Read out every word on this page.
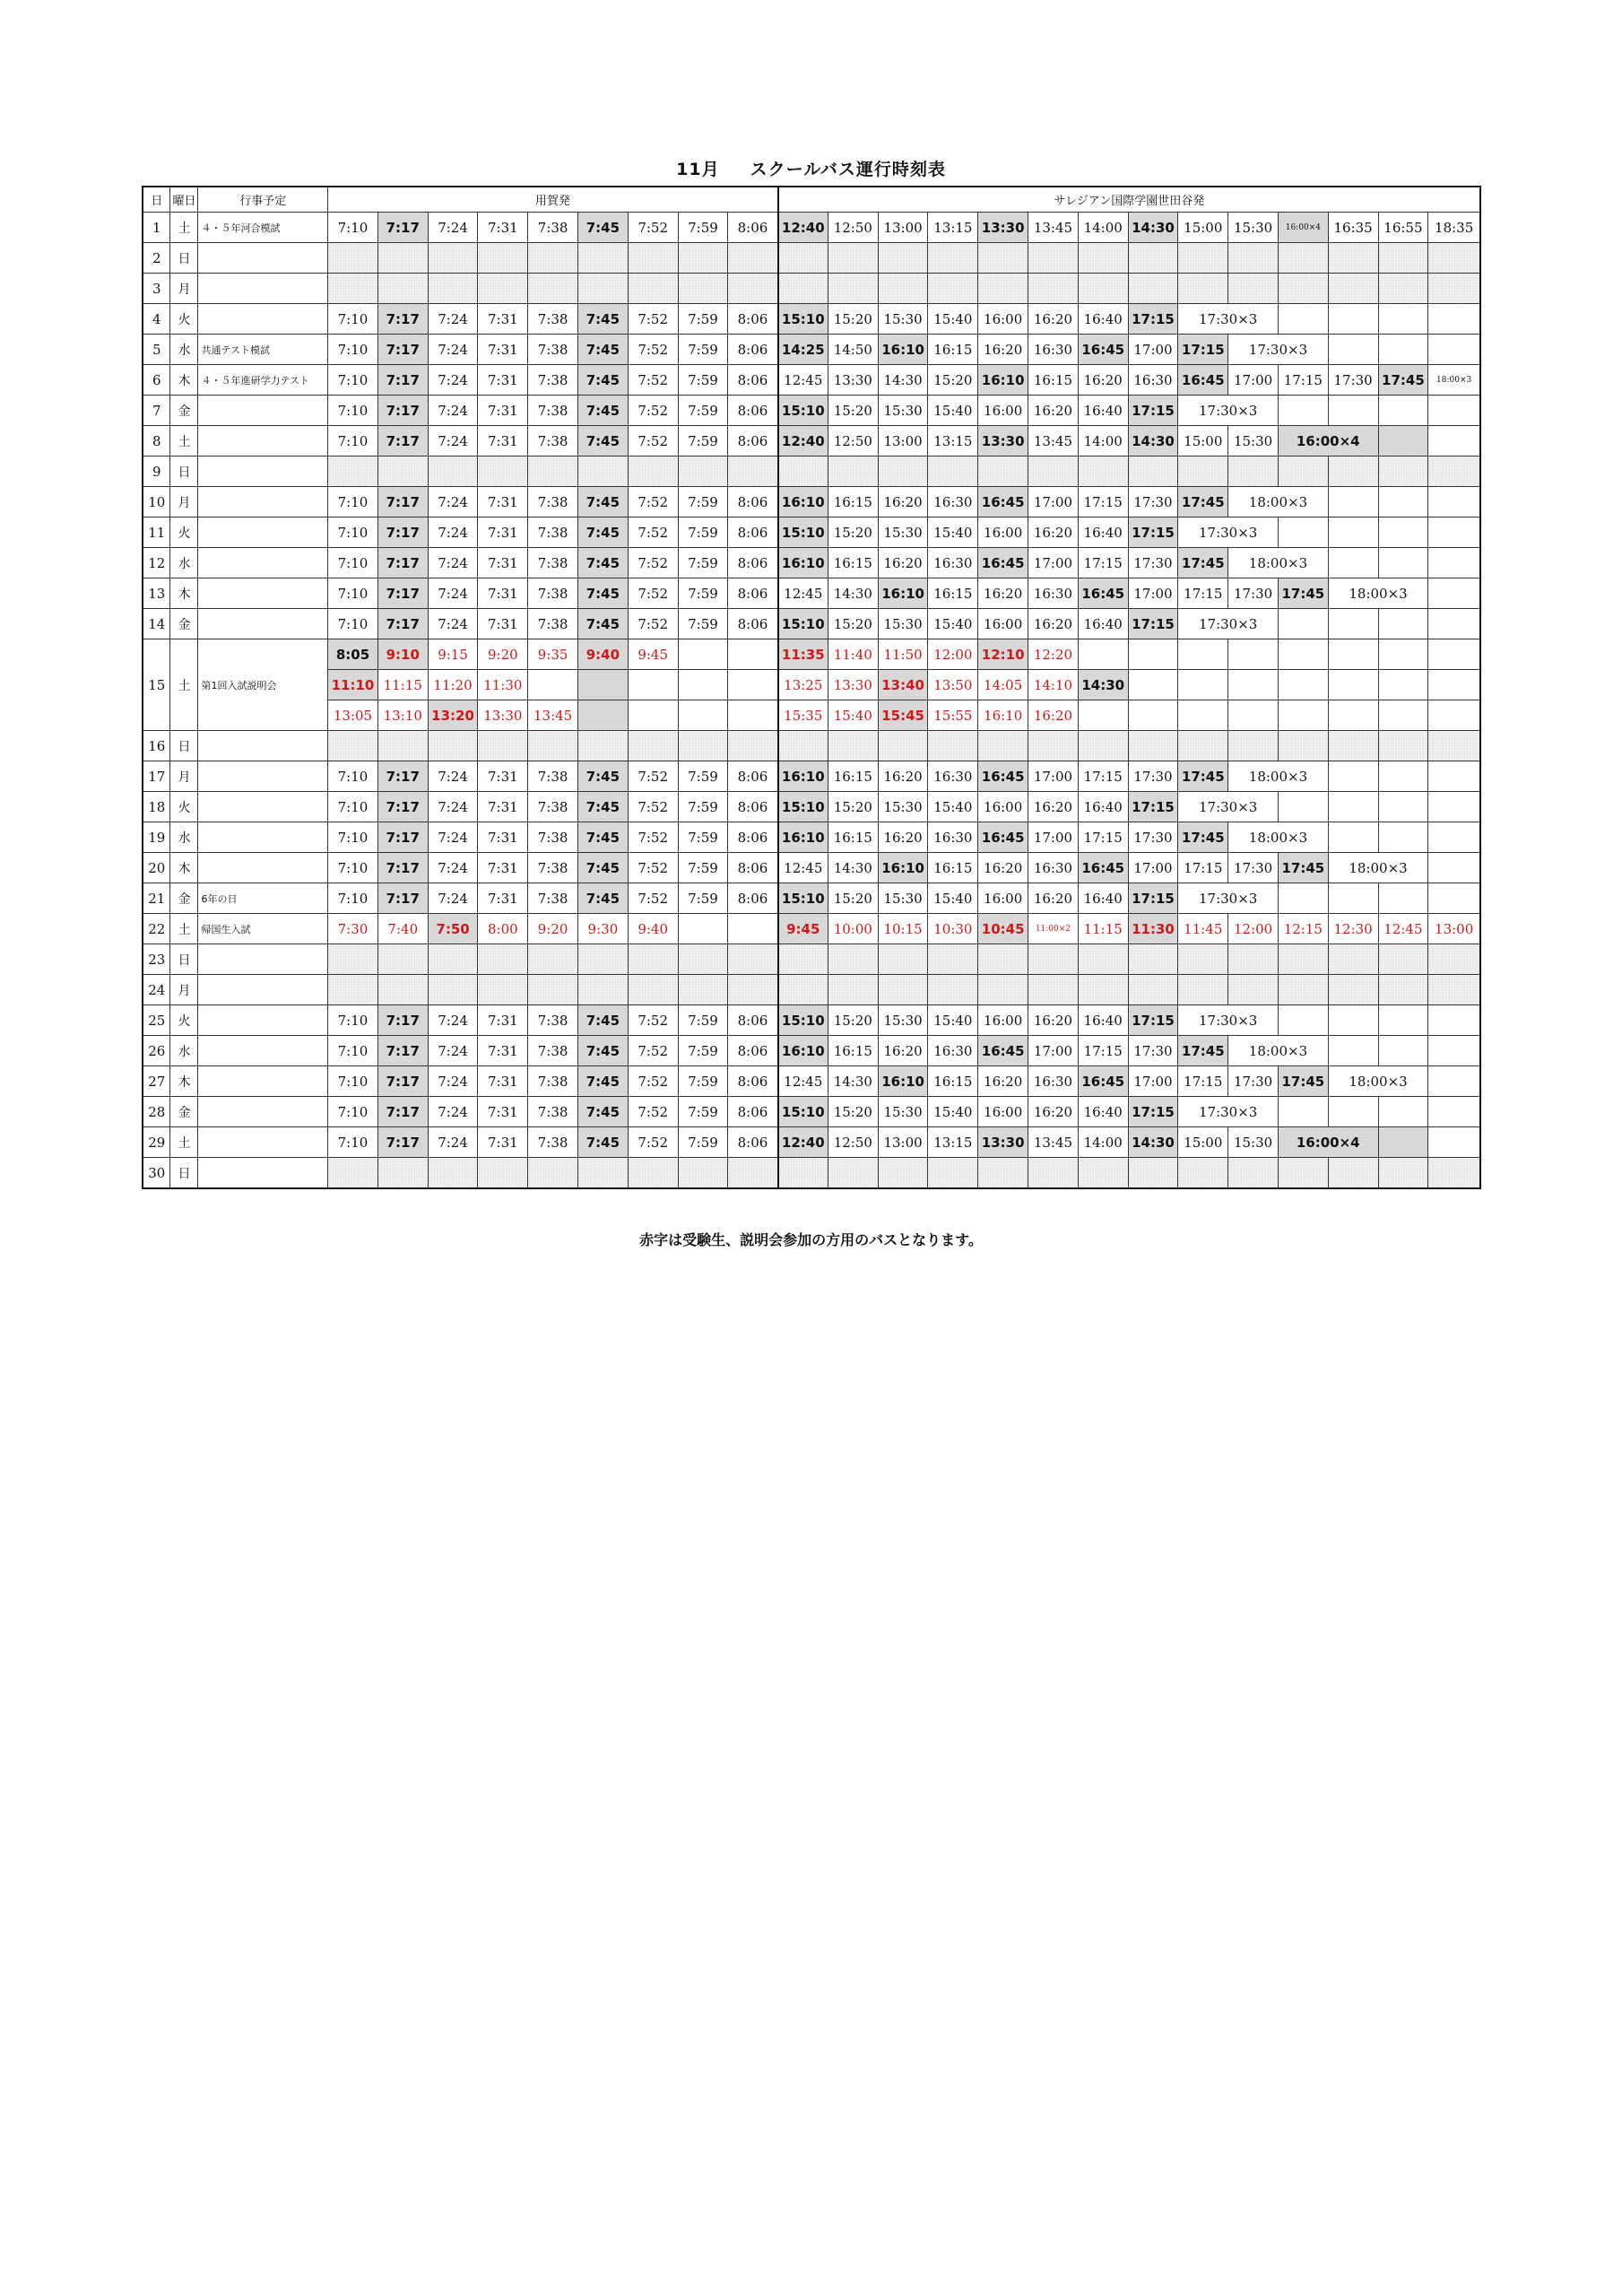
11月 スクールバス運行時刻表
日	曜日	行事予定	用賀発									サレジアン国際学園世田谷発													
1	土	４・５年河合模試	7:10	7:17	7:24	7:31	7:38	7:45	7:52	7:59	8:06	12:40	12:50	13:00	13:15	13:30	13:45	14:00	14:30	15:00	15:30	16:00×4	16:35	16:55	18:35
2	日																								
3	月																								
4	火		7:10	7:17	7:24	7:31	7:38	7:45	7:52	7:59	8:06	15:10	15:20	15:30	15:40	16:00	16:20	16:40	17:15	17:30×3					
5	水	共通テスト模試	7:10	7:17	7:24	7:31	7:38	7:45	7:52	7:59	8:06	14:25	14:50	16:10	16:15	16:20	16:30	16:45	17:00	17:15	17:30×3				
6	木	４・５年進研学力テスト	7:10	7:17	7:24	7:31	7:38	7:45	7:52	7:59	8:06	12:45	13:30	14:30	15:20	16:10	16:15	16:20	16:30	16:45	17:00	17:15	17:30	17:45	18:00×3
7	金		7:10	7:17	7:24	7:31	7:38	7:45	7:52	7:59	8:06	15:10	15:20	15:30	15:40	16:00	16:20	16:40	17:15	17:30×3					
8	土		7:10	7:17	7:24	7:31	7:38	7:45	7:52	7:59	8:06	12:40	12:50	13:00	13:15	13:30	13:45	14:00	14:30	15:00	15:30	16:00×4			
9	日																								
10	月		7:10	7:17	7:24	7:31	7:38	7:45	7:52	7:59	8:06	16:10	16:15	16:20	16:30	16:45	17:00	17:15	17:30	17:45	18:00×3				
11	火		7:10	7:17	7:24	7:31	7:38	7:45	7:52	7:59	8:06	15:10	15:20	15:30	15:40	16:00	16:20	16:40	17:15	17:30×3					
12	水		7:10	7:17	7:24	7:31	7:38	7:45	7:52	7:59	8:06	16:10	16:15	16:20	16:30	16:45	17:00	17:15	17:30	17:45	18:00×3				
13	木		7:10	7:17	7:24	7:31	7:38	7:45	7:52	7:59	8:06	12:45	14:30	16:10	16:15	16:20	16:30	16:45	17:00	17:15	17:30	17:45	18:00×3		
14	金		7:10	7:17	7:24	7:31	7:38	7:45	7:52	7:59	8:06	15:10	15:20	15:30	15:40	16:00	16:20	16:40	17:15	17:30×3					
15	土	第1回入試説明会	8:05	9:10	9:15	9:20	9:35	9:40	9:45			11:35	11:40	11:50	12:00	12:10	12:20								
			11:10	11:15	11:20	11:30						13:25	13:30	13:40	13:50	14:05	14:10	14:30							
			13:05	13:10	13:20	13:30	13:45					15:35	15:40	15:45	15:55	16:10	16:20								
16	日																								
17	月		7:10	7:17	7:24	7:31	7:38	7:45	7:52	7:59	8:06	16:10	16:15	16:20	16:30	16:45	17:00	17:15	17:30	17:45	18:00×3				
18	火		7:10	7:17	7:24	7:31	7:38	7:45	7:52	7:59	8:06	15:10	15:20	15:30	15:40	16:00	16:20	16:40	17:15	17:30×3					
19	水		7:10	7:17	7:24	7:31	7:38	7:45	7:52	7:59	8:06	16:10	16:15	16:20	16:30	16:45	17:00	17:15	17:30	17:45	18:00×3				
20	木		7:10	7:17	7:24	7:31	7:38	7:45	7:52	7:59	8:06	12:45	14:30	16:10	16:15	16:20	16:30	16:45	17:00	17:15	17:30	17:45	18:00×3		
21	金	6年の日	7:10	7:17	7:24	7:31	7:38	7:45	7:52	7:59	8:06	15:10	15:20	15:30	15:40	16:00	16:20	16:40	17:15	17:30×3					
22	土	帰国生入試	7:30	7:40	7:50	8:00	9:20	9:30	9:40			9:45	10:00	10:15	10:30	10:45	11:00×2	11:15	11:30	11:45	12:00	12:15	12:30	12:45	13:00
23	日																								
24	月																								
25	火		7:10	7:17	7:24	7:31	7:38	7:45	7:52	7:59	8:06	15:10	15:20	15:30	15:40	16:00	16:20	16:40	17:15	17:30×3					
26	水		7:10	7:17	7:24	7:31	7:38	7:45	7:52	7:59	8:06	16:10	16:15	16:20	16:30	16:45	17:00	17:15	17:30	17:45	18:00×3				
27	木		7:10	7:17	7:24	7:31	7:38	7:45	7:52	7:59	8:06	12:45	14:30	16:10	16:15	16:20	16:30	16:45	17:00	17:15	17:30	17:45	18:00×3		
28	金		7:10	7:17	7:24	7:31	7:38	7:45	7:52	7:59	8:06	15:10	15:20	15:30	15:40	16:00	16:20	16:40	17:15	17:30×3					
29	土		7:10	7:17	7:24	7:31	7:38	7:45	7:52	7:59	8:06	12:40	12:50	13:00	13:15	13:30	13:45	14:00	14:30	15:00	15:30	16:00×4			
30	日																								
赤字は受験生、説明会参加の方用のバスとなります。
